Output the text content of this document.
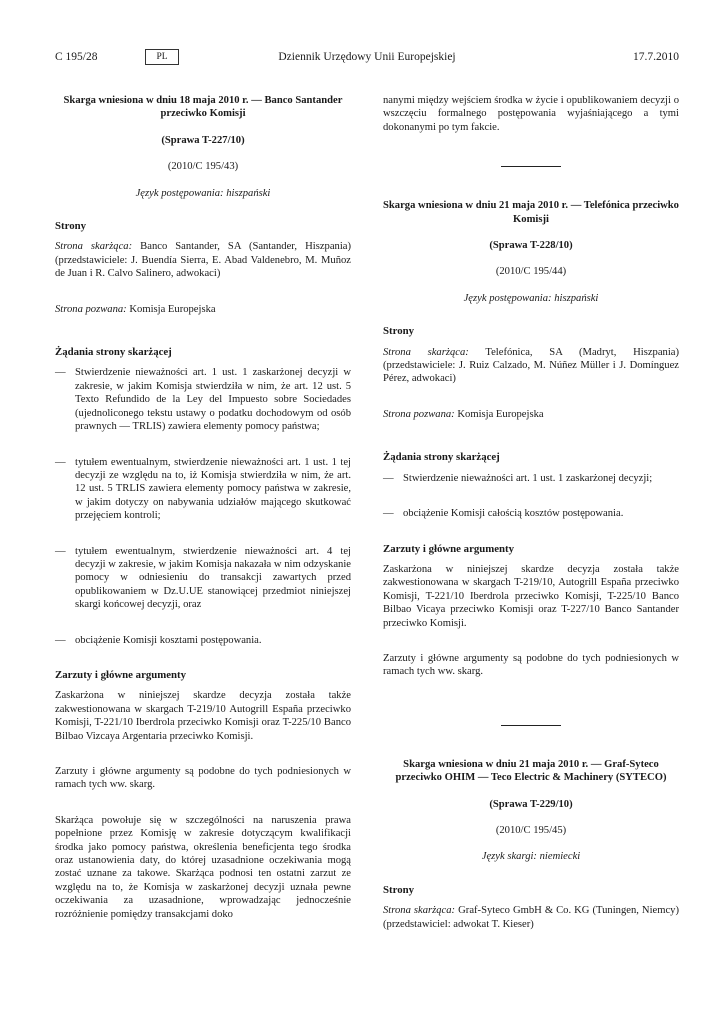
C 195/28	PL	Dziennik Urzędowy Unii Europejskiej	17.7.2010
Skarga wniesiona w dniu 18 maja 2010 r. — Banco Santander przeciwko Komisji
(Sprawa T-227/10)
(2010/C 195/43)
Język postępowania: hiszpański
Strony

Strona skarżąca: Banco Santander, SA (Santander, Hiszpania) (przedstawiciele: J. Buendía Sierra, E. Abad Valdenebro, M. Muñoz de Juan i R. Calvo Salinero, adwokaci)

Strona pozwana: Komisja Europejska

Żądania strony skarżącej
— Stwierdzenie nieważności art. 1 ust. 1 zaskarżonej decyzji w zakresie, w jakim Komisja stwierdziła w nim, że art. 12 ust. 5 Texto Refundido de la Ley del Impuesto sobre Sociedades (ujednoliconego tekstu ustawy o podatku dochodowym od osób prawnych — TRLIS) zawiera elementy pomocy państwa;
— tytułem ewentualnym, stwierdzenie nieważności art. 1 ust. 1 tej decyzji ze względu na to, iż Komisja stwierdziła w nim, że art. 12 ust. 5 TRLIS zawiera elementy pomocy państwa w zakresie, w jakim dotyczy on nabywania udziałów mającego skutkować przejęciem kontroli;
— tytułem ewentualnym, stwierdzenie nieważności art. 4 tej decyzji w zakresie, w jakim Komisja nakazała w nim odzyskanie pomocy w odniesieniu do transakcji zawartych przed opublikowaniem w Dz.U.UE stanowiącej przedmiot niniejszej skargi końcowej decyzji, oraz
— obciążenie Komisji kosztami postępowania.
Zarzuty i główne argumenty

Zaskarżona w niniejszej skardze decyzja została także zakwestionowana w skargach T-219/10 Autogrill España przeciwko Komisji, T-221/10 Iberdrola przeciwko Komisji oraz T-225/10 Banco Bilbao Vizcaya Argentaria przeciwko Komisji.

Zarzuty i główne argumenty są podobne do tych podniesionych w ramach tych ww. skarg.

Skarżąca powołuje się w szczególności na naruszenia prawa popełnione przez Komisję w zakresie dotyczącym kwalifikacji środka jako pomocy państwa, określenia beneficjenta tego środka oraz ustanowienia daty, do której uzasadnione oczekiwania mogą zostać uznane za takowe. Skarżąca podnosi ten ostatni zarzut ze względu na to, że Komisja w zaskarżonej decyzji uznała pewne oczekiwania za uzasadnione, wprowadzając jednocześnie rozróżnienie pomiędzy transakcjami doko

nanymi między wejściem środka w życie i opublikowaniem decyzji o wszczęciu formalnego postępowania wyjaśniającego a tymi dokonanymi po tym fakcie.

Skarga wniesiona w dniu 21 maja 2010 r. — Telefónica przeciwko Komisji
(Sprawa T-228/10)
(2010/C 195/44)
Język postępowania: hiszpański
Strony

Strona skarżąca: Telefónica, SA (Madryt, Hiszpania) (przedstawiciele: J. Ruiz Calzado, M. Núñez Müller i J. Domínguez Pérez, adwokaci)

Strona pozwana: Komisja Europejska

Żądania strony skarżącej
— Stwierdzenie nieważności art. 1 ust. 1 zaskarżonej decyzji;
— obciążenie Komisji całością kosztów postępowania.
Zarzuty i główne argumenty

Zaskarżona w niniejszej skardze decyzja została także zakwestionowana w skargach T-219/10, Autogrill España przeciwko Komisji, T-221/10 Iberdrola przeciwko Komisji, T-225/10 Banco Bilbao Vicaya przeciwko Komisji oraz T-227/10 Banco Santander przeciwko Komisji.

Zarzuty i główne argumenty są podobne do tych podniesionych w ramach tych ww. skarg.

Skarga wniesiona w dniu 21 maja 2010 r. — Graf-Syteco przeciwko OHIM — Teco Electric & Machinery (SYTECO)
(Sprawa T-229/10)
(2010/C 195/45)
Język skargi: niemiecki
Strony

Strona skarżąca: Graf-Syteco GmbH & Co. KG (Tuningen, Niemcy) (przedstawiciel: adwokat T. Kieser)
